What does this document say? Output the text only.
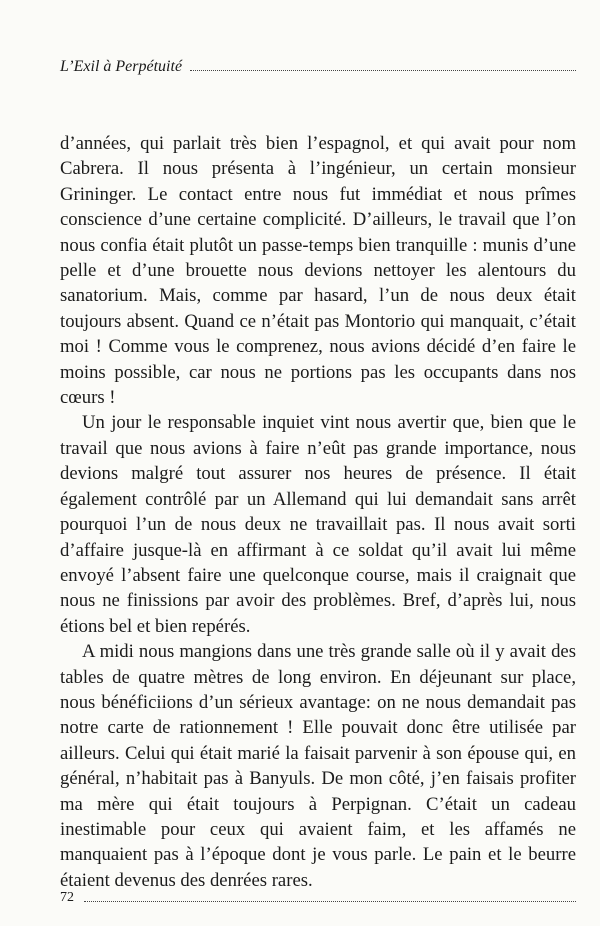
L’Exil à Perpétuité

d’années, qui parlait très bien l’espagnol, et qui avait pour nom Cabrera. Il nous présenta à l’ingénieur, un certain monsieur Grininger. Le contact entre nous fut immédiat et nous prîmes conscience d’une certaine complicité. D’ailleurs, le travail que l’on nous confia était plutôt un passe-temps bien tranquille : munis d’une pelle et d’une brouette nous devions nettoyer les alentours du sanatorium. Mais, comme par hasard, l’un de nous deux était toujours absent. Quand ce n’était pas Montorio qui manquait, c’était moi ! Comme vous le comprenez, nous avions décidé d’en faire le moins possible, car nous ne portions pas les occupants dans nos cœurs !

Un jour le responsable inquiet vint nous avertir que, bien que le travail que nous avions à faire n’eût pas grande importance, nous devions malgré tout assurer nos heures de présence. Il était également contrôlé par un Allemand qui lui demandait sans arrêt pourquoi l’un de nous deux ne travaillait pas. Il nous avait sorti d’affaire jusque-là en affirmant à ce soldat qu’il avait lui même envoyé l’absent faire une quelconque course, mais il craignait que nous ne finissions par avoir des problèmes. Bref, d’après lui, nous étions bel et bien repérés.

A midi nous mangions dans une très grande salle où il y avait des tables de quatre mètres de long environ. En déjeunant sur place, nous bénéficiions d’un sérieux avantage: on ne nous demandait pas notre carte de rationnement ! Elle pouvait donc être utilisée par ailleurs. Celui qui était marié la faisait parvenir à son épouse qui, en général, n’habitait pas à Banyuls. De mon côté, j’en faisais profiter ma mère qui était toujours à Perpignan. C’était un cadeau inestimable pour ceux qui avaient faim, et les affamés ne manquaient pas à l’époque dont je vous parle. Le pain et le beurre étaient devenus des denrées rares.

72
